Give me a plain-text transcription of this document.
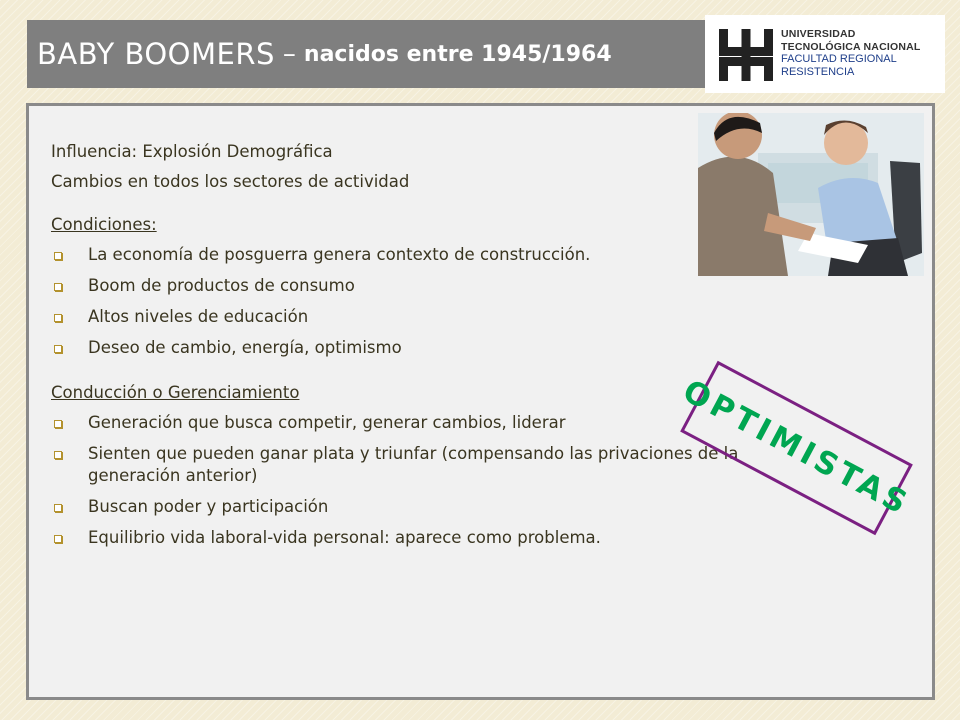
BABY BOOMERS – nacidos entre 1945/1964
UNIVERSIDAD
TECNOLÓGICA NACIONAL
FACULTAD REGIONAL
RESISTENCIA

Influencia: Explosión Demográfica

Cambios en todos los sectores de actividad

Condiciones:

La economía de posguerra genera contexto de construcción.
Boom de productos de consumo
Altos niveles de educación
Deseo de cambio, energía, optimismo

Conducción o Gerenciamiento

Generación que busca competir, generar cambios, liderar
Sienten que pueden ganar plata y triunfar (compensando las privaciones de la generación anterior)
Buscan poder y participación
Equilibrio vida laboral-vida personal: aparece como problema.
OPTIMISTAS
